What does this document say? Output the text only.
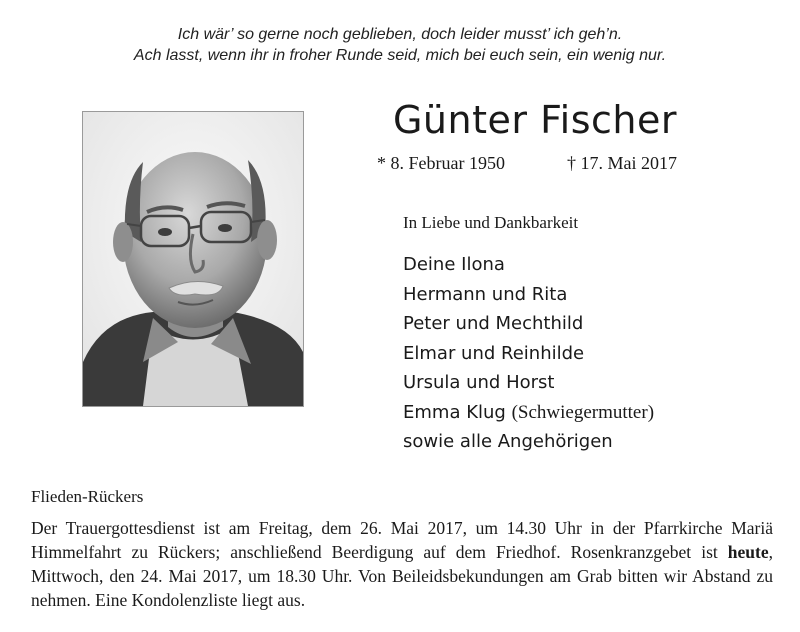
Ich wär’ so gerne noch geblieben, doch leider musst’ ich geh’n.
Ach lasst, wenn ihr in froher Runde seid, mich bei euch sein, ein wenig nur.
Günter Fischer
* 8. Februar 1950	† 17. Mai 2017
In Liebe und Dankbarkeit
Deine Ilona
Hermann und Rita
Peter und Mechthild
Elmar und Reinhilde
Ursula und Horst
Emma Klug (Schwiegermutter)
sowie alle Angehörigen
Flieden-Rückers
Der Trauergottesdienst ist am Freitag, dem 26. Mai 2017, um 14.30 Uhr in der Pfarrkirche Mariä Himmelfahrt zu Rückers; anschließend Beerdigung auf dem Friedhof. Rosenkranzgebet ist heute, Mittwoch, den 24. Mai 2017, um 18.30 Uhr. Von Beileidsbekundungen am Grab bitten wir Abstand zu nehmen. Eine Kondolenzliste liegt aus.
